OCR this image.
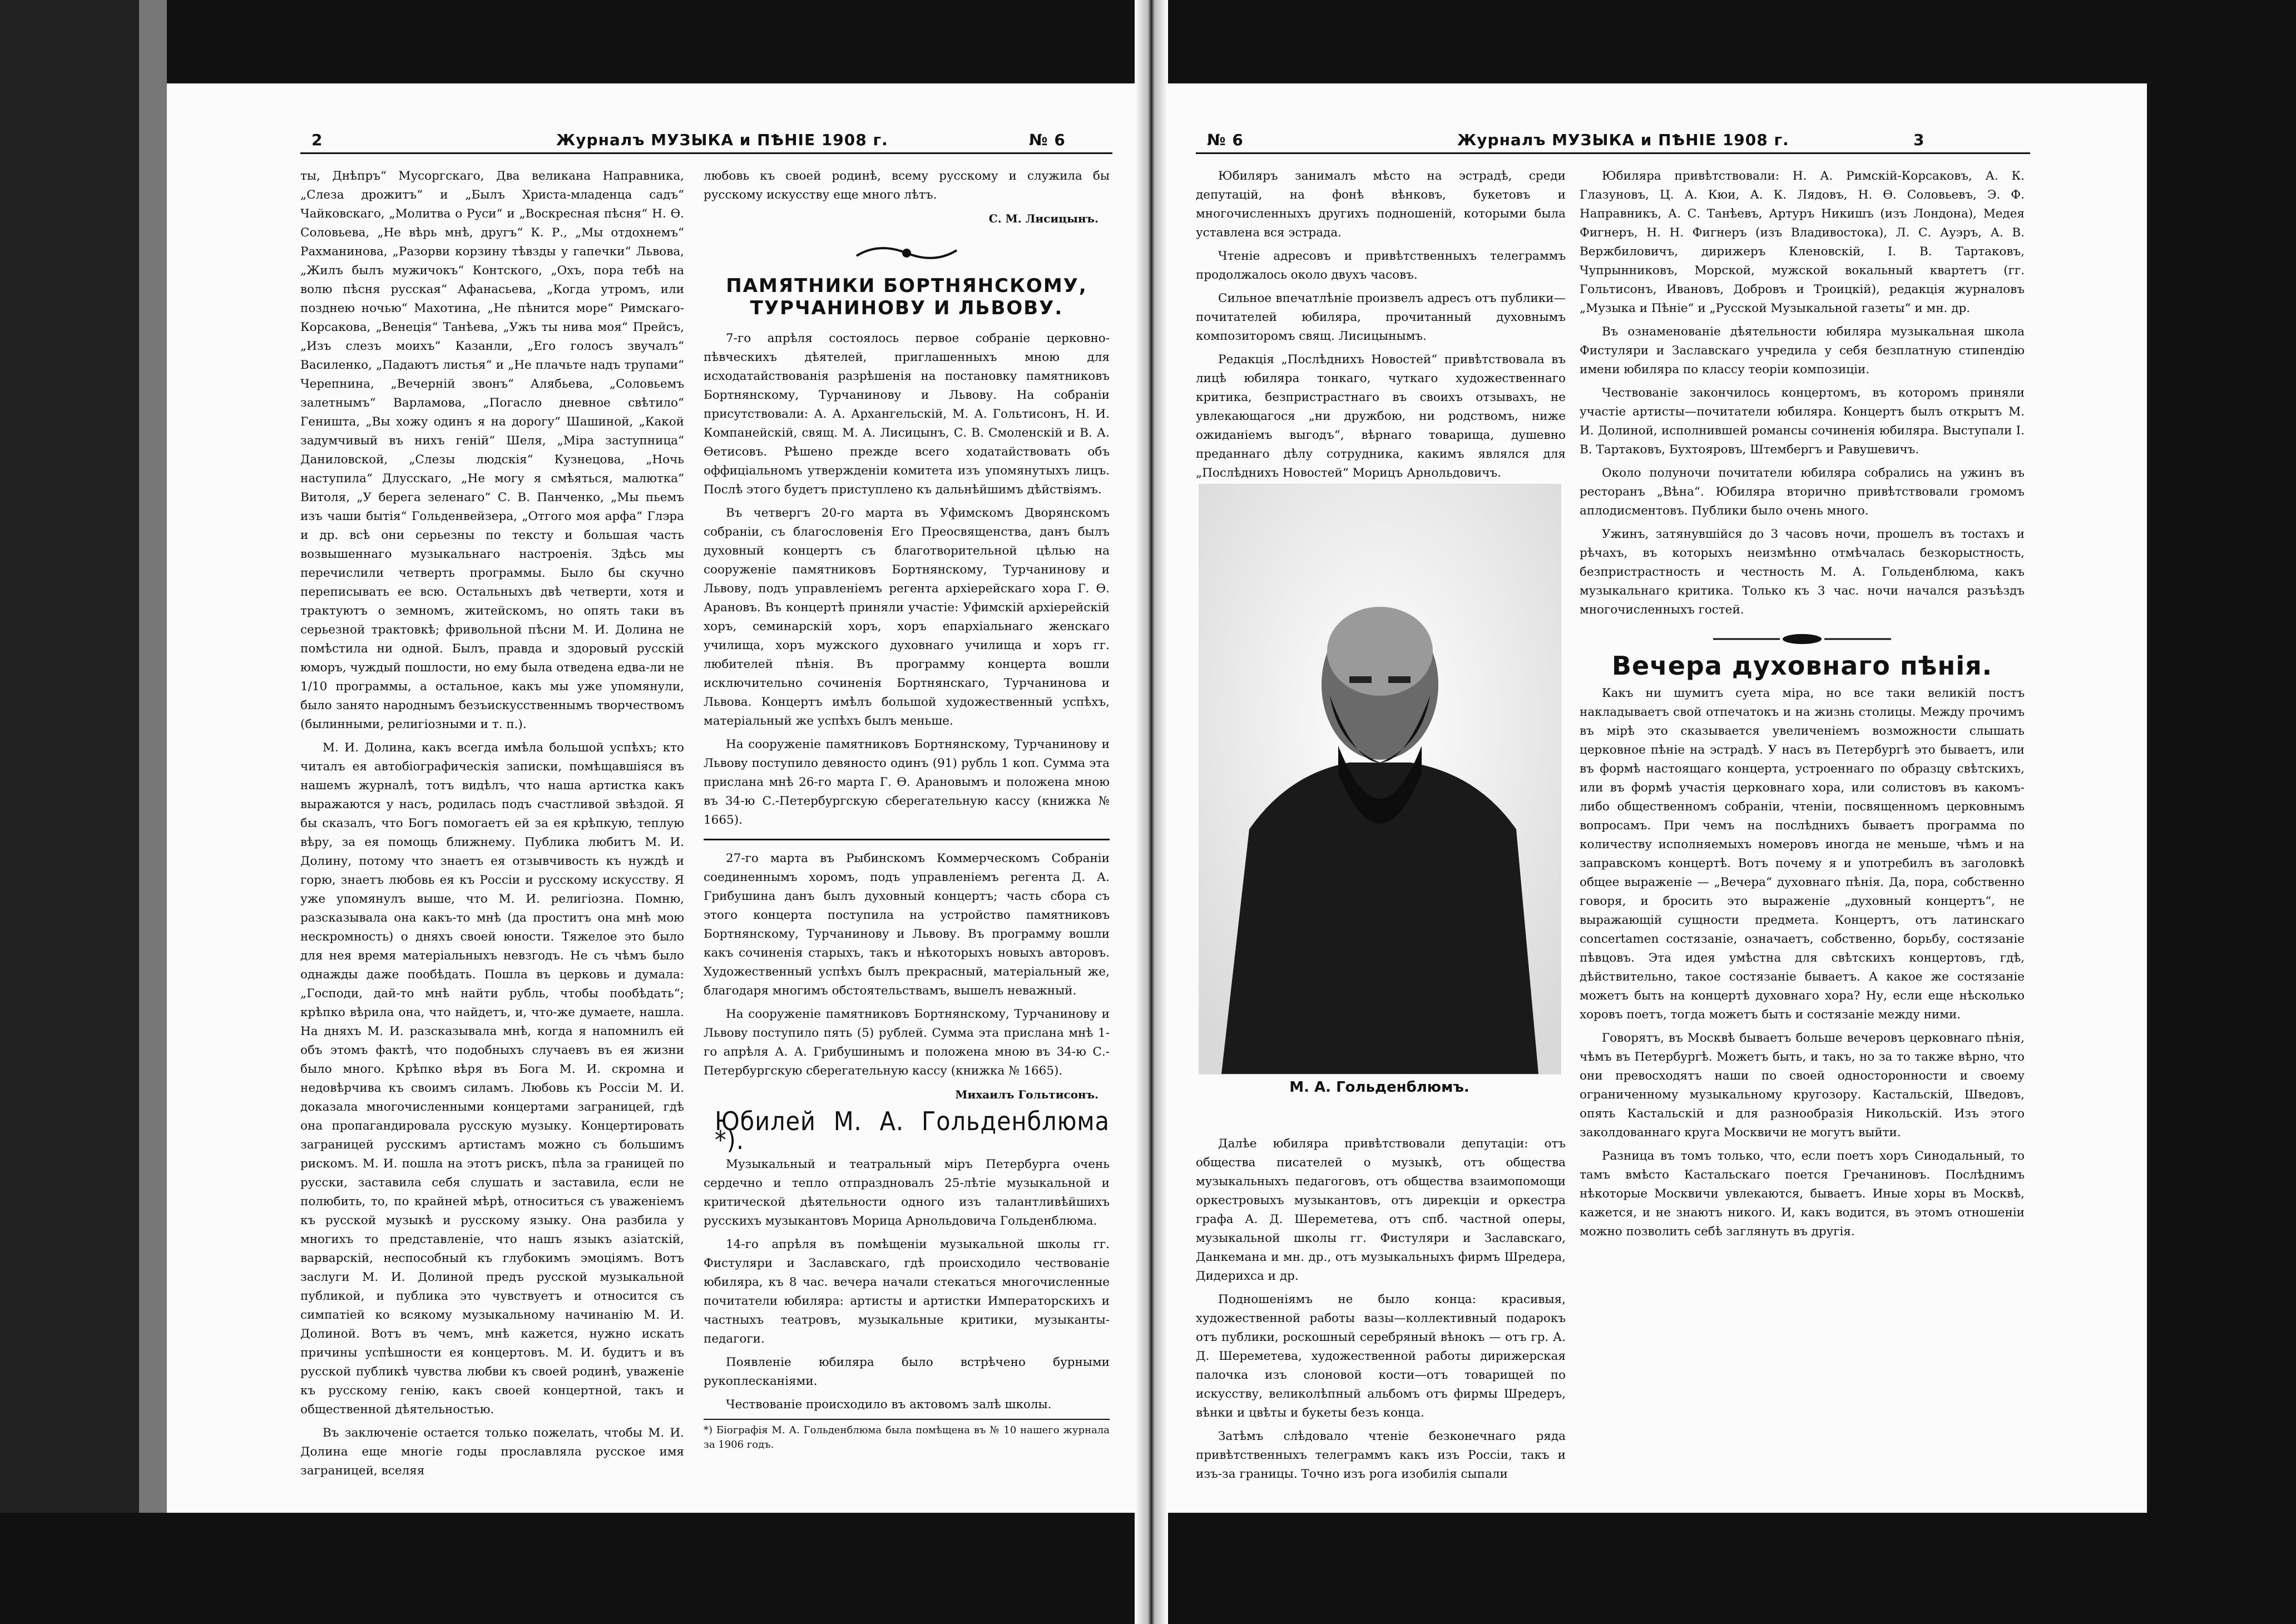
2	Журналъ МУЗЫКА и ПѢНІЕ 1908 г.	№ 6

ты, Днѣпръ“ Мусоргскаго, Два великана Направника, „Слеза дрожитъ“ и „Былъ Христа-младенца садъ“ Чайковскаго, „Молитва о Руси“ и „Воскресная пѣсня“ Н. Ѳ. Соловьева, „Не вѣрь мнѣ, другъ“ К. Р., „Мы отдохнемъ“ Рахманинова, „Разорви корзину тѣвзды у гапечки“ Львова, „Жилъ былъ мужичокъ“ Контского, „Охъ, пора тебѣ на волю пѣсня русская“ Афанасьева, „Когда утромъ, или позднею ночью“ Махотина, „Не пѣнится море“ Римскаго-Корсакова, „Венеція“ Танѣева, „Ужъ ты нива моя“ Прейсъ, „Изъ слезъ моихъ“ Казанли, „Его голосъ звучалъ“ Василенко, „Падаютъ листья“ и „Не плачьте надъ трупами“ Черепнина, „Вечерній звонъ“ Алябьева, „Соловьемъ залетнымъ“ Варламова, „Погасло дневное свѣтило“ Геништа, „Вы хожу одинъ я на дорогу“ Шашиной, „Какой задумчивый въ нихъ геній“ Шеля, „Міра заступница“ Даниловской, „Слезы людскія“ Кузнецова, „Ночь наступила“ Длусскаго, „Не могу я смѣяться, малютка“ Витоля, „У берега зеленаго“ С. В. Панченко, „Мы пьемъ изъ чаши бытія“ Гольденвейзера, „Отгого моя арфа“ Глэра и др. всѣ они серьезны по тексту и большая часть возвышеннаго музыкальнаго настроенія. Здѣсь мы перечислили четверть программы. Было бы скучно переписывать ее всю. Остальныхъ двѣ четверти, хотя и трактуютъ о земномъ, житейскомъ, но опять таки въ серьезной трактовкѣ; фривольной пѣсни М. И. Долина не помѣстила ни одной. Былъ, правда и здоровый русскій юморъ, чуждый пошлости, но ему была отведена едва-ли не 1/10 программы, а остальное, какъ мы уже упомянули, было занято народнымъ безъискусственнымъ творчествомъ (былинными, религіозными и т. п.).

М. И. Долина, какъ всегда имѣла большой успѣхъ; кто читалъ ея автобіографическія записки, помѣщавшіяся въ нашемъ журналѣ, тотъ видѣлъ, что наша артистка какъ выражаются у насъ, родилась подъ счастливой звѣздой. Я бы сказалъ, что Богъ помогаетъ ей за ея крѣпкую, теплую вѣру, за ея помощь ближнему. Публика любитъ М. И. Долину, потому что знаетъ ея отзывчивость къ нуждѣ и горю, знаетъ любовь ея къ Россіи и русскому искусству. Я уже упомянулъ выше, что М. И. религіозна. Помню, разсказывала она какъ-то мнѣ (да проститъ она мнѣ мою нескромность) о дняхъ своей юности. Тяжелое это было для нея время матеріальныхъ невзгодъ. Не съ чѣмъ было однажды даже пообѣдать. Пошла въ церковь и думала: „Господи, дай-то мнѣ найти рубль, чтобы пообѣдать“; крѣпко вѣрила она, что найдетъ, и, что-же думаете, нашла. На дняхъ М. И. разсказывала мнѣ, когда я напомнилъ ей объ этомъ фактѣ, что подобныхъ случаевъ въ ея жизни было много. Крѣпко вѣря въ Бога М. И. скромна и недовѣрчива къ своимъ силамъ. Любовь къ Россіи М. И. доказала многочисленными концертами заграницей, гдѣ она пропагандировала русскую музыку. Концертировать заграницей русскимъ артистамъ можно съ большимъ рискомъ. М. И. пошла на этотъ рискъ, пѣла за границей по русски, заставила себя слушать и заставила, если не полюбить, то, по крайней мѣрѣ, относиться съ уваженіемъ къ русской музыкѣ и русскому языку. Она разбила у многихъ то представленіе, что нашъ языкъ азіатскій, варварскій, неспособный къ глубокимъ эмоціямъ. Вотъ заслуги М. И. Долиной предъ русской музыкальной публикой, и публика это чувствуетъ и относится съ симпатіей ко всякому музыкальному начинанію М. И. Долиной. Вотъ въ чемъ, мнѣ кажется, нужно искать причины успѣшности ея концертовъ. М. И. будитъ и въ русской публикѣ чувства любви къ своей родинѣ, уваженіе къ русскому генію, какъ своей концертной, такъ и общественной дѣятельностью.

Въ заключеніе остается только пожелать, чтобы М. И. Долина еще многіе годы прославляла русское имя заграницей, вселяя

любовь къ своей родинѣ, всему русскому и служила бы русскому искусству еще много лѣтъ.

С. М. Лисицынъ.
ПАМЯТНИКИ БОРТНЯНСКОМУ, ТУРЧАНИНОВУ И ЛЬВОВУ.

7-го апрѣля состоялось первое собраніе церковно-пѣвческихъ дѣятелей, приглашенныхъ мною для исходатайствованія разрѣшенія на постановку памятниковъ Бортнянскому, Турчанинову и Львову. На собраніи присутствовали: А. А. Архангельскій, М. А. Гольтисонъ, Н. И. Компанейскій, свящ. М. А. Лисицынъ, С. В. Смоленскій и В. А. Ѳетисовъ. Рѣшено прежде всего ходатайствовать объ оффиціальномъ утвержденіи комитета изъ упомянутыхъ лицъ. Послѣ этого будетъ приступлено къ дальнѣйшимъ дѣйствіямъ.

Въ четвергъ 20-го марта въ Уфимскомъ Дворянскомъ собраніи, съ благословенія Его Преосвященства, данъ былъ духовный концертъ съ благотворительной цѣлью на сооруженіе памятниковъ Бортнянскому, Турчанинову и Львову, подъ управленіемъ регента архіерейскаго хора Г. Ѳ. Арановъ. Въ концертѣ приняли участіе: Уфимскій архіерейскій хоръ, семинарскій хоръ, хоръ епархіальнаго женскаго училища, хоръ мужского духовнаго училища и хоръ гг. любителей пѣнія. Въ программу концерта вошли исключительно сочиненія Бортнянскаго, Турчанинова и Львова. Концертъ имѣлъ большой художественный успѣхъ, матеріальный же успѣхъ былъ меньше.

На сооруженіе памятниковъ Бортнянскому, Турчанинову и Львову поступило девяносто одинъ (91) рубль 1 коп. Сумма эта прислана мнѣ 26-го марта Г. Ѳ. Арановымъ и положена мною въ 34-ю С.-Петербургскую сберегательную кассу (книжка № 1665).

27-го марта въ Рыбинскомъ Коммерческомъ Собраніи соединеннымъ хоромъ, подъ управленіемъ регента Д. А. Грибушина данъ былъ духовный концертъ; часть сбора съ этого концерта поступила на устройство памятниковъ Бортнянскому, Турчанинову и Львову. Въ программу вошли какъ сочиненія старыхъ, такъ и нѣкоторыхъ новыхъ авторовъ. Художественный успѣхъ былъ прекрасный, матеріальный же, благодаря многимъ обстоятельствамъ, вышелъ неважный.

На сооруженіе памятниковъ Бортнянскому, Турчанинову и Львову поступило пять (5) рублей. Сумма эта прислана мнѣ 1-го апрѣля А. А. Грибушинымъ и положена мною въ 34-ю С.-Петербургскую сберегательную кассу (книжка № 1665).

Михаилъ Гольтисонъ.
Юбилей М. А. Гольденблюма *).

Музыкальный и театральный міръ Петербурга очень сердечно и тепло отпраздновалъ 25-лѣтіе музыкальной и критической дѣятельности одного изъ талантливѣйшихъ русскихъ музыкантовъ Морица Арнольдовича Гольденблюма.

14-го апрѣля въ помѣщеніи музыкальной школы гг. Фистуляри и Заславскаго, гдѣ происходило чествованіе юбиляра, къ 8 час. вечера начали стекаться многочисленные почитатели юбиляра: артисты и артистки Императорскихъ и частныхъ театровъ, музыкальные критики, музыканты-педагоги.

Появленіе юбиляра было встрѣчено бурными рукоплесканіями.

Чествованіе происходило въ актовомъ залѣ школы.

*) Біографія М. А. Гольденблюма была помѣщена въ № 10 нашего журнала за 1906 годъ.
№ 6	Журналъ МУЗЫКА и ПѢНІЕ 1908 г.	3

Юбиляръ занималъ мѣсто на эстрадѣ, среди депутацій, на фонѣ вѣнковъ, букетовъ и многочисленныхъ другихъ подношеній, которыми была уставлена вся эстрада.

Чтеніе адресовъ и привѣтственныхъ телеграммъ продолжалось около двухъ часовъ.

Сильное впечатлѣніе произвелъ адресъ отъ публики—почитателей юбиляра, прочитанный духовнымъ композиторомъ свящ. Лисицынымъ.

Редакція „Послѣднихъ Новостей“ привѣтствовала въ лицѣ юбиляра тонкаго, чуткаго художественнаго критика, безпристрастнаго въ своихъ отзывахъ, не увлекающагося „ни дружбою, ни родствомъ, ниже ожиданіемъ выгодъ“, вѣрнаго товарища, душевно преданнаго дѣлу сотрудника, какимъ являлся для „Послѣднихъ Новостей“ Морицъ Арнольдовичъ.

М. А. Гольденблюмъ.

Далѣе юбиляра привѣтствовали депутаціи: отъ общества писателей о музыкѣ, отъ общества музыкальныхъ педагоговъ, отъ общества взаимопомощи оркестровыхъ музыкантовъ, отъ дирекціи и оркестра графа А. Д. Шереметева, отъ спб. частной оперы, музыкальной школы гг. Фистуляри и Заславскаго, Данкемана и мн. др., отъ музыкальныхъ фирмъ Шредера, Дидерихса и др.

Подношеніямъ не было конца: красивыя, художественной работы вазы—коллективный подарокъ отъ публики, роскошный серебряный вѣнокъ — отъ гр. А. Д. Шереметева, художественной работы дирижерская палочка изъ слоновой кости—отъ товарищей по искусству, великолѣпный альбомъ отъ фирмы Шредеръ, вѣнки и цвѣты и букеты безъ конца.

Затѣмъ слѣдовало чтеніе безконечнаго ряда привѣтственныхъ телеграммъ какъ изъ Россіи, такъ и изъ-за границы. Точно изъ рога изобилія сыпали

Юбиляра привѣтствовали: Н. А. Римскій-Корсаковъ, А. К. Глазуновъ, Ц. А. Кюи, А. К. Лядовъ, Н. Ѳ. Соловьевъ, Э. Ф. Направникъ, А. С. Танѣевъ, Артуръ Никишъ (изъ Лондона), Медея Фигнеръ, Н. Н. Фигнеръ (изъ Владивостока), Л. С. Ауэръ, А. В. Вержбиловичъ, дирижеръ Кленовскій, І. В. Тартаковъ, Чупрынниковъ, Морской, мужской вокальный квартетъ (гг. Гольтисонъ, Ивановъ, Добровъ и Троицкій), редакція журналовъ „Музыка и Пѣніе“ и „Русской Музыкальной газеты“ и мн. др.

Въ ознаменованіе дѣятельности юбиляра музыкальная школа Фистуляри и Заславскаго учредила у себя безплатную стипендію имени юбиляра по классу теоріи композиціи.

Чествованіе закончилось концертомъ, въ которомъ приняли участіе артисты—почитатели юбиляра. Концертъ былъ открытъ М. И. Долиной, исполнившей романсы сочиненія юбиляра. Выступали І. В. Тартаковъ, Бухтояровъ, Штембергъ и Равушевичъ.

Около полуночи почитатели юбиляра собрались на ужинъ въ ресторанъ „Вѣна“. Юбиляра вторично привѣтствовали громомъ аплодисментовъ. Публики было очень много.

Ужинъ, затянувшійся до 3 часовъ ночи, прошелъ въ тостахъ и рѣчахъ, въ которыхъ неизмѣнно отмѣчалась безкорыстность, безпристрастность и честность М. А. Гольденблюма, какъ музыкальнаго критика. Только къ 3 час. ночи начался разъѣздъ многочисленныхъ гостей.

Вечера духовнаго пѣнія.

Какъ ни шумитъ суета міра, но все таки великій постъ накладываетъ свой отпечатокъ и на жизнь столицы. Между прочимъ въ мірѣ это сказывается увеличеніемъ возможности слышать церковное пѣніе на эстрадѣ. У насъ въ Петербургѣ это бываетъ, или въ формѣ настоящаго концерта, устроеннаго по образцу свѣтскихъ, или въ формѣ участія церковнаго хора, или солистовъ въ какомъ-либо общественномъ собраніи, чтеніи, посвященномъ церковнымъ вопросамъ. При чемъ на послѣднихъ бываетъ программа по количеству исполняемыхъ номеровъ иногда не меньше, чѣмъ и на заправскомъ концертѣ. Вотъ почему я и употребилъ въ заголовкѣ общее выраженіе — „Вечера“ духовнаго пѣнія. Да, пора, собственно говоря, и бросить это выраженіе „духовный концертъ“, не выражающій сущности предмета. Концертъ, отъ латинскаго concertamen состязаніе, означаетъ, собственно, борьбу, состязаніе пѣвцовъ. Эта идея умѣстна для свѣтскихъ концертовъ, гдѣ, дѣйствительно, такое состязаніе бываетъ. А какое же состязаніе можетъ быть на концертѣ духовнаго хора? Ну, если еще нѣсколько хоровъ поетъ, тогда можетъ быть и состязаніе между ними.

Говорятъ, въ Москвѣ бываетъ больше вечеровъ церковнаго пѣнія, чѣмъ въ Петербургѣ. Можетъ быть, и такъ, но за то также вѣрно, что они превосходятъ наши по своей односторонности и своему ограниченному музыкальному кругозору. Кастальскій, Шведовъ, опять Кастальскій и для разнообразія Никольскій. Изъ этого заколдованнаго круга Москвичи не могутъ выйти.

Разница въ томъ только, что, если поетъ хоръ Синодальный, то тамъ вмѣсто Кастальскаго поется Гречаниновъ. Послѣднимъ нѣкоторые Москвичи увлекаются, бываетъ. Иные хоры въ Москвѣ, кажется, и не знаютъ никого. И, какъ водится, въ этомъ отношеніи можно позволить себѣ заглянуть въ другія.
